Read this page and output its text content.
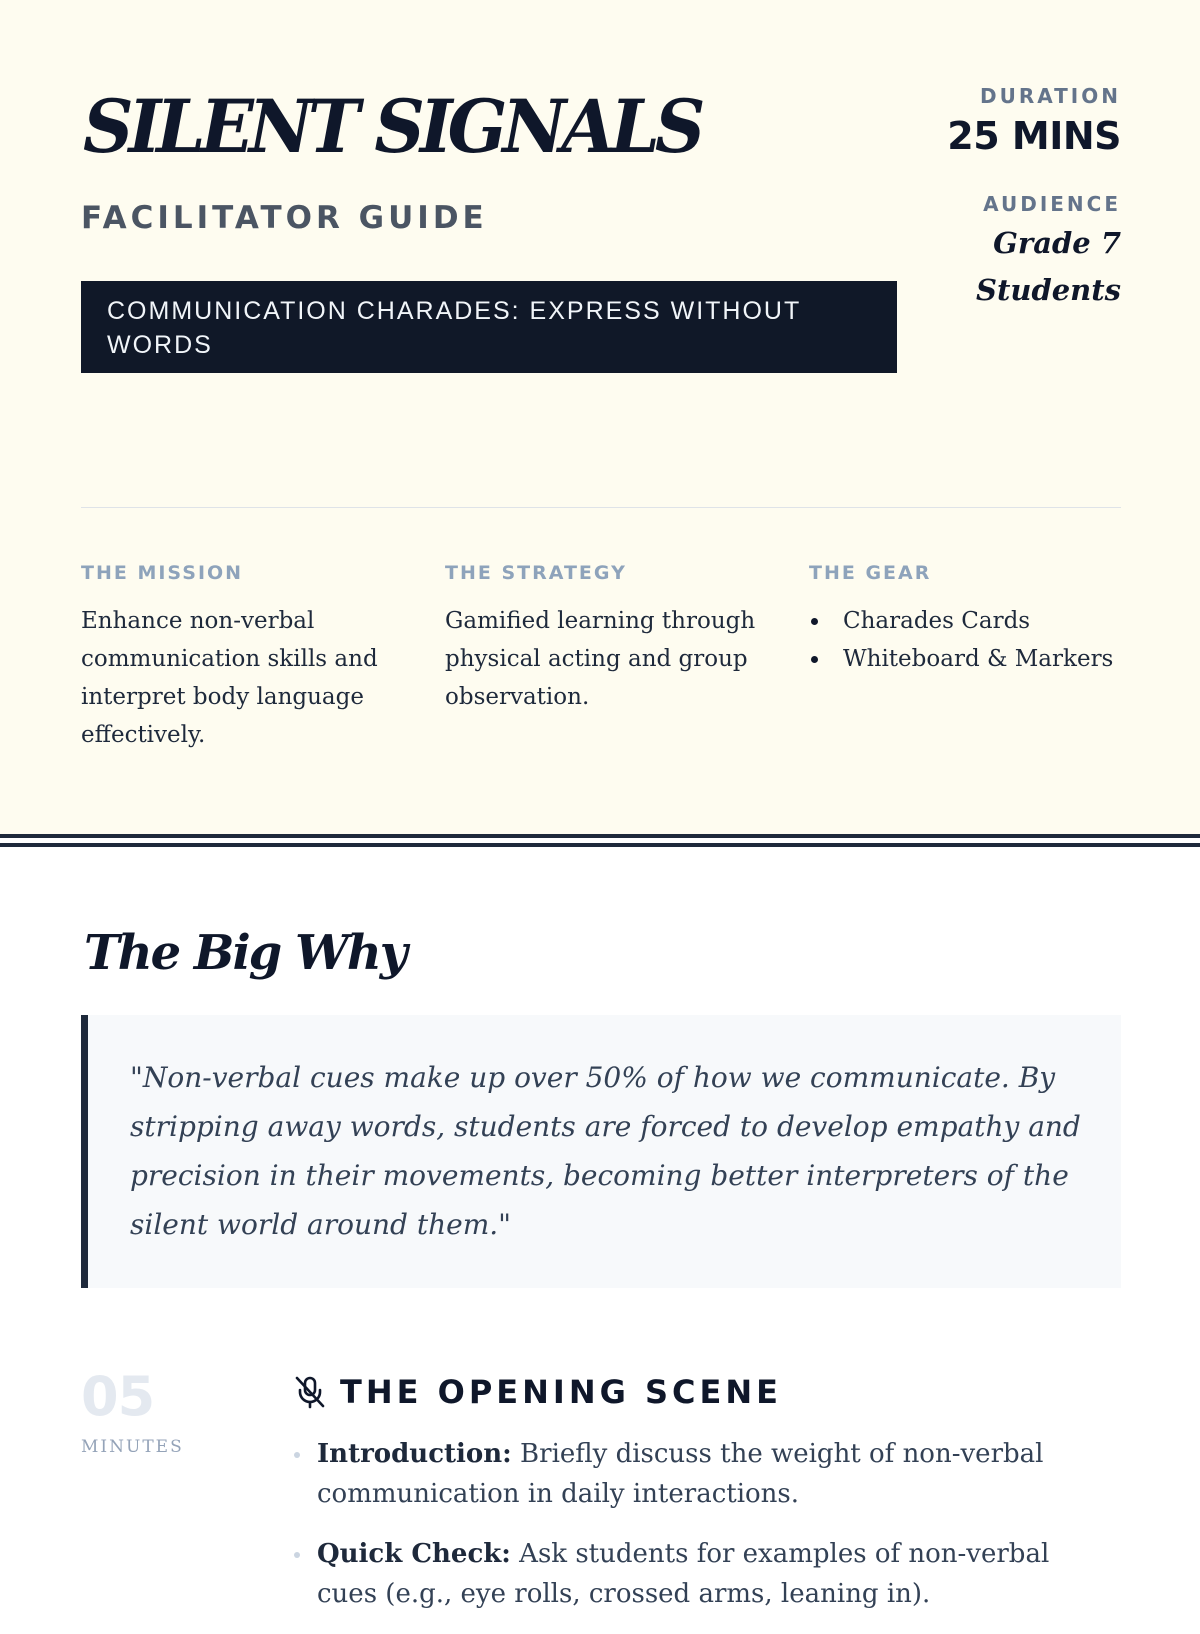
SILENT SIGNALS
FACILITATOR GUIDE
COMMUNICATION CHARADES: EXPRESS WITHOUT WORDS
DURATION
25 MINS
AUDIENCE
Grade 7 Students
THE MISSION
Enhance non-verbal communication skills and interpret body language effectively.
THE STRATEGY
Gamified learning through physical acting and group observation.
THE GEAR
Charades Cards
Whiteboard & Markers
The Big Why
"Non-verbal cues make up over 50% of how we communicate. By stripping away words, students are forced to develop empathy and precision in their movements, becoming better interpreters of the silent world around them."
05
MINUTES
THE OPENING SCENE
Introduction: Briefly discuss the weight of non-verbal communication in daily interactions.
Quick Check: Ask students for examples of non-verbal cues (e.g., eye rolls, crossed arms, leaning in).
